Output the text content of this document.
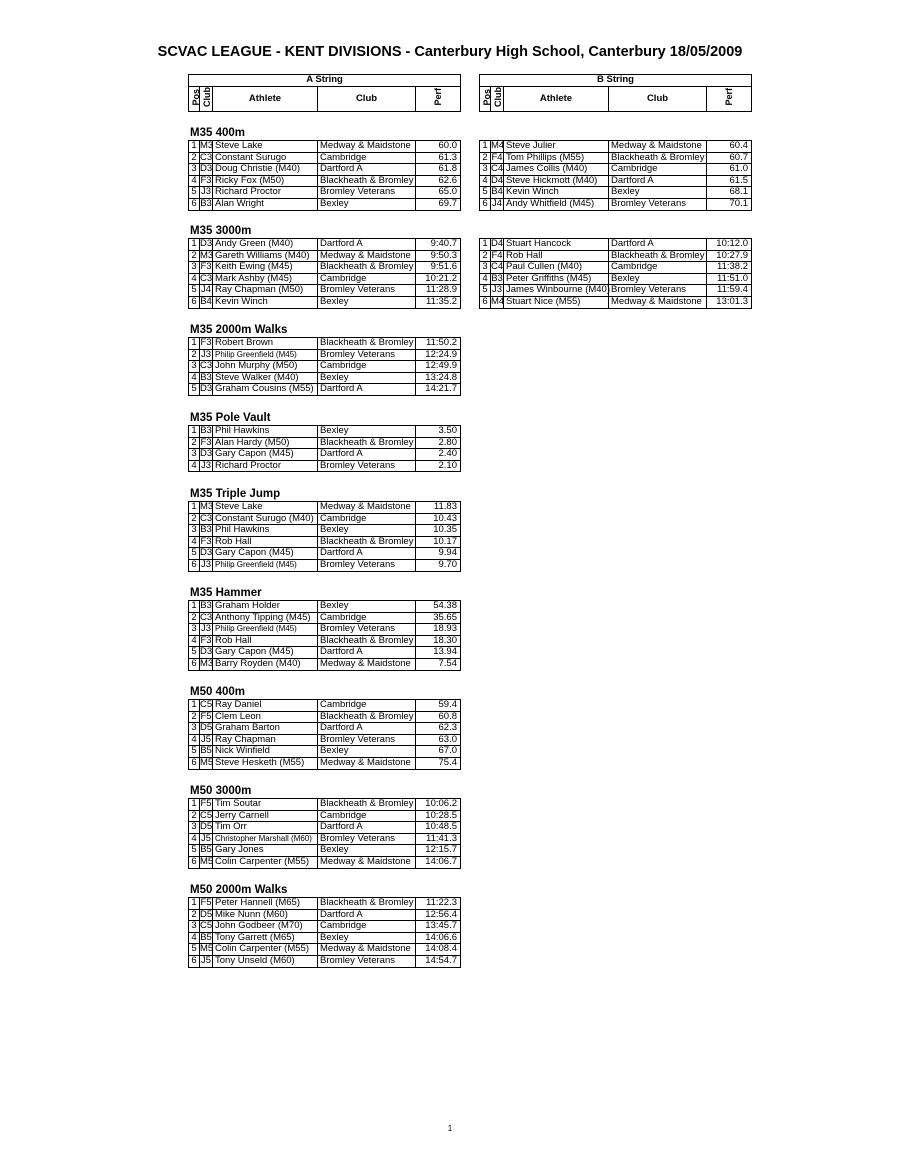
SCVAC LEAGUE - KENT DIVISIONS - Canterbury High School, Canterbury 18/05/2009
A String
Pos	Club	Athlete	Club	Perf
B String
Pos	Club	Athlete	Club	Perf
M35 400m
1	M3	Steve Lake	Medway & Maidstone	60.0
2	C3	Constant Surugo	Cambridge	61.3
3	D3	Doug Christie (M40)	Dartford A	61.8
4	F3	Ricky Fox (M50)	Blackheath & Bromley	62.6
5	J3	Richard Proctor	Bromley Veterans	65.0
6	B3	Alan Wright	Bexley	69.7
1	M4	Steve Julier	Medway & Maidstone	60.4
2	F4	Tom Phillips (M55)	Blackheath & Bromley	60.7
3	C4	James Collis (M40)	Cambridge	61.0
4	D4	Steve Hickmott (M40)	Dartford A	61.5
5	B4	Kevin Winch	Bexley	68.1
6	J4	Andy Whitfield (M45)	Bromley Veterans	70.1
M35 3000m
1	D3	Andy Green (M40)	Dartford A	9:40.7
2	M3	Gareth Williams (M40)	Medway & Maidstone	9:50.3
3	F3	Keith Ewing (M45)	Blackheath & Bromley	9:51.6
4	C3	Mark Ashby (M45)	Cambridge	10:21.2
5	J4	Ray Chapman (M50)	Bromley Veterans	11:28.9
6	B4	Kevin Winch	Bexley	11:35.2
1	D4	Stuart Hancock	Dartford A	10:12.0
2	F4	Rob Hall	Blackheath & Bromley	10:27.9
3	C4	Paul Cullen (M40)	Cambridge	11:38.2
4	B3	Peter Griffiths (M45)	Bexley	11:51.0
5	J3	James Winbourne (M40)	Bromley Veterans	11:59.4
6	M4	Stuart Nice (M55)	Medway & Maidstone	13:01.3
M35 2000m Walks
1	F3	Robert Brown	Blackheath & Bromley	11:50.2
2	J3	Philip Greenfield (M45)	Bromley Veterans	12:24.9
3	C3	John Murphy (M50)	Cambridge	12:49.9
4	B3	Steve Walker (M40)	Bexley	13:24.8
5	D3	Graham Cousins (M55)	Dartford A	14:21.7
M35 Pole Vault
1	B3	Phil Hawkins	Bexley	3.50
2	F3	Alan Hardy (M50)	Blackheath & Bromley	2.80
3	D3	Gary Capon (M45)	Dartford A	2.40
4	J3	Richard Proctor	Bromley Veterans	2.10
M35 Triple Jump
1	M3	Steve Lake	Medway & Maidstone	11.83
2	C3	Constant Surugo (M40)	Cambridge	10.43
3	B3	Phil Hawkins	Bexley	10.35
4	F3	Rob Hall	Blackheath & Bromley	10.17
5	D3	Gary Capon (M45)	Dartford A	9.94
6	J3	Philip Greenfield (M45)	Bromley Veterans	9.70
M35 Hammer
1	B3	Graham Holder	Bexley	54.38
2	C3	Anthony Tipping (M45)	Cambridge	35.65
3	J3	Philip Greenfield (M45)	Bromley Veterans	18.93
4	F3	Rob Hall	Blackheath & Bromley	18.30
5	D3	Gary Capon (M45)	Dartford A	13.94
6	M3	Barry Royden (M40)	Medway & Maidstone	7.54
M50 400m
1	C5	Ray Daniel	Cambridge	59.4
2	F5	Clem Leon	Blackheath & Bromley	60.8
3	D5	Graham Barton	Dartford A	62.3
4	J5	Ray Chapman	Bromley Veterans	63.0
5	B5	Nick Winfield	Bexley	67.0
6	M5	Steve Hesketh (M55)	Medway & Maidstone	75.4
M50 3000m
1	F5	Tim Soutar	Blackheath & Bromley	10:06.2
2	C5	Jerry Carnell	Cambridge	10:28.5
3	D5	Tim Orr	Dartford A	10:48.5
4	J5	Christopher Marshall (M60)	Bromley Veterans	11:41.3
5	B5	Gary Jones	Bexley	12:15.7
6	M5	Colin Carpenter (M55)	Medway & Maidstone	14:06.7
M50 2000m Walks
1	F5	Peter Hannell (M65)	Blackheath & Bromley	11:22.3
2	D5	Mike Nunn (M60)	Dartford A	12:56.4
3	C5	John Godbeer (M70)	Cambridge	13:45.7
4	B5	Tony Garrett (M65)	Bexley	14:06.6
5	M5	Colin Carpenter (M55)	Medway & Maidstone	14:08.4
6	J5	Tony Unseld (M60)	Bromley Veterans	14:54.7
1
